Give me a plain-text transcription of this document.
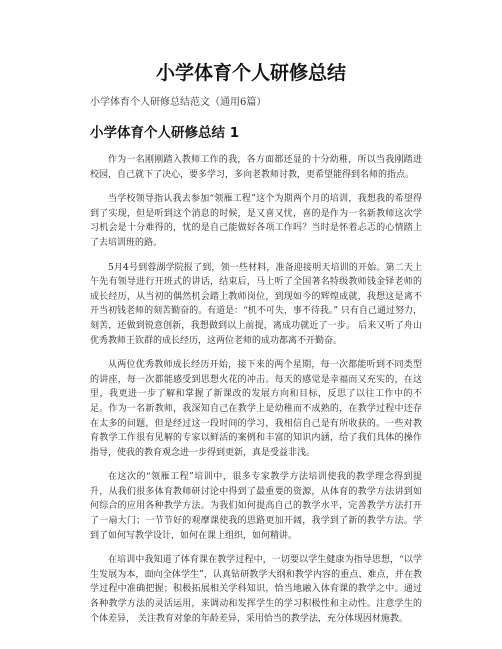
小学体育个人研修总结
小学体育个人研修总结范文（通用6篇）
小学体育个人研修总结 1

作为一名刚刚踏入教师工作的我，各方面都还显的十分幼稚，所以当我刚踏进校园，自己就下了决心，要多学习，多向老教师讨教，更希望能得到名师的指点。

当学校领导指认我去参加“领雁工程”这个为期两个月的培训，我想我的希望得到了实现，但是听到这个消息的时候，是又喜又忧，喜的是作为一名新教师这次学习机会是十分难得的，忧的是自己能做好各项工作吗？当时是怀着忐忑的心情踏上了去培训班的路。

5月4号到蓉湖学院报了到，领一些材料，准备迎接明天培训的开始。第二天上午先有领导进行开班式的讲话，结束后，马上听了全国著名特级教师钱金铎老师的成长经历，从当初的偶然机会踏上教师岗位，到现如今的辉煌成就，我想这是离不开当初钱老师的刻苦勤奋的。有道是：“机不可失，事不待我。” 只有自己通过努力，刻苦，还做到锐意创新，我想做到以上前提，离成功就近了一步。 后来又听了舟山优秀教师王钦群的成长经历，这两位老师的成功都离不开勤奋。

从两位优秀教师成长经历开始，接下来的两个星期，每一次都能听到不同类型的讲座，每一次都能感受到思想火花的冲击。每天的感觉是幸福而又充实的，在这里，我更进一步了解和掌握了新课改的发展方向和目标，反思了以往工作中的不足。作为一名新教师，我深知自己在教学上是幼稚而不成熟的，在教学过程中还存在太多的问题，但是经过这一段时间的学习，我相信自己是有所收获的。一些对教育教学工作很有见解的专家以鲜活的案例和丰富的知识内涵，给了我们具体的操作指导，使我的教育观念进一步得到更新，真是受益非浅。

在这次的“领雁工程”培训中，很多专家教学方法培训使我的教学理念得到提升，从我们很多体育教师研讨论中得到了最重要的资源，从体育的教学方法讲到如何综合的应用各种教学方法。为我们如何提高自己的教学水平，完善教学方法打开了一扇大门；一节节好的观摩课使我的思路更加开阔，我学到了新的教学方法。学到了如何写教学设计，如何在课上组织，如何精讲。

在培训中我知道了体育课在教学过程中，一切要以学生健康为指导思想，“以学生发展为本，面向全体学生”，认真钻研教学大纲和教学内容的重点、难点，并在教学过程中准确把握；积极拓展相关学科知识，恰当地融入体育课的教学之中。通过各种教学方法的灵活运用，来调动和发挥学生的学习积极性和主动性。注意学生的个体差异， 关注教育对象的年龄差异，采用恰当的教学法，充分体现因材施教。
